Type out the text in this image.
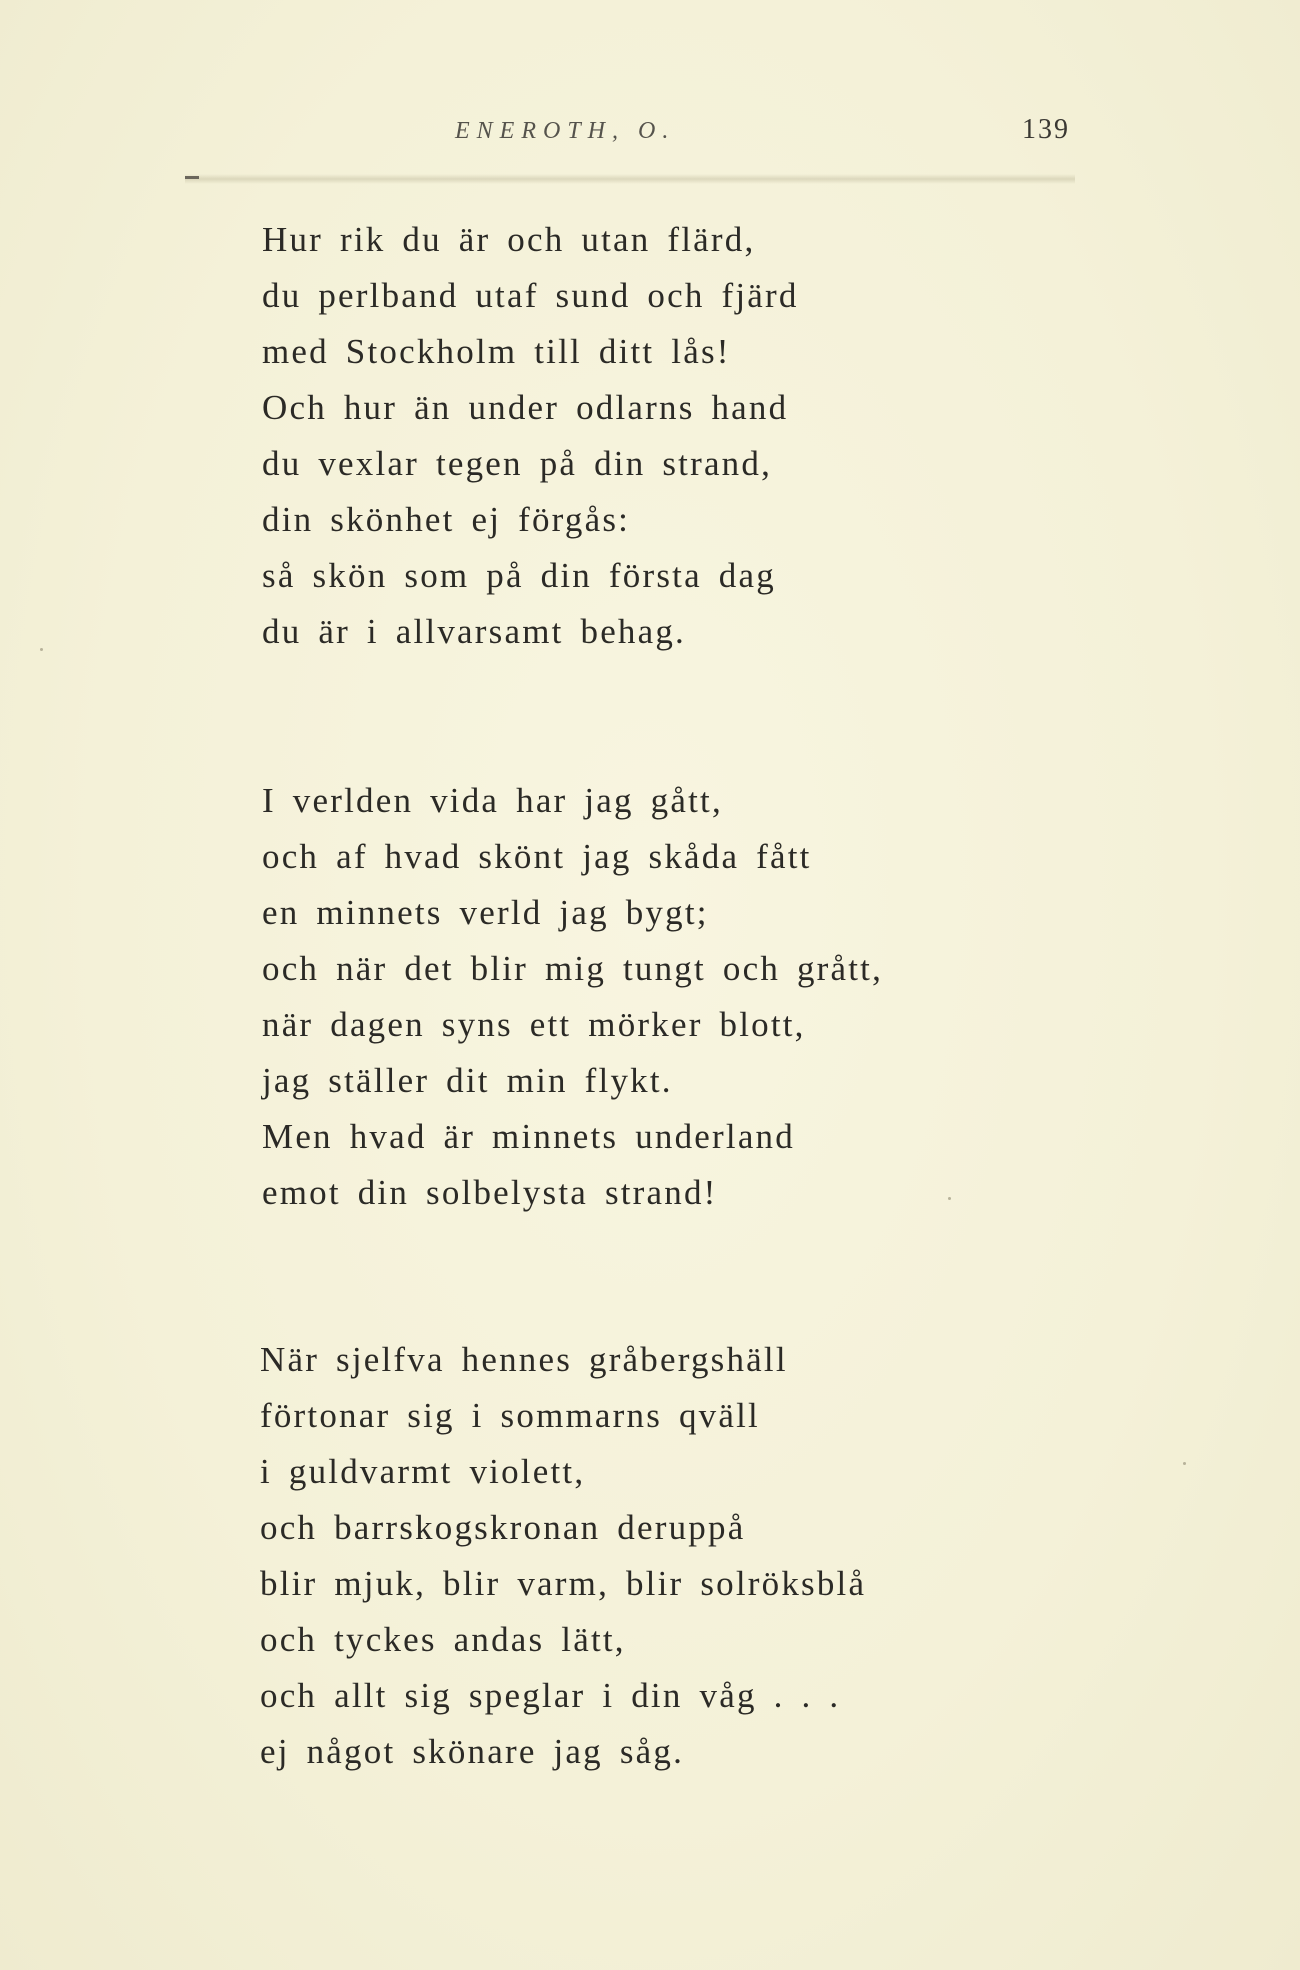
ENEROTH, O.	139
Hur rik du är och utan flärd,
du perlband utaf sund och fjärd
med Stockholm till ditt lås!
Och hur än under odlarns hand
du vexlar tegen på din strand,
din skönhet ej förgås:
så skön som på din första dag
du är i allvarsamt behag.
I verlden vida har jag gått,
och af hvad skönt jag skåda fått
en minnets verld jag bygt;
och när det blir mig tungt och grått,
när dagen syns ett mörker blott,
jag ställer dit min flykt.
Men hvad är minnets underland
emot din solbelysta strand!
När sjelfva hennes gråbergshäll
förtonar sig i sommarns qväll
i guldvarmt violett,
och barrskogskronan deruppå
blir mjuk, blir varm, blir solröksblå
och tyckes andas lätt,
och allt sig speglar i din våg . . .
ej något skönare jag såg.
